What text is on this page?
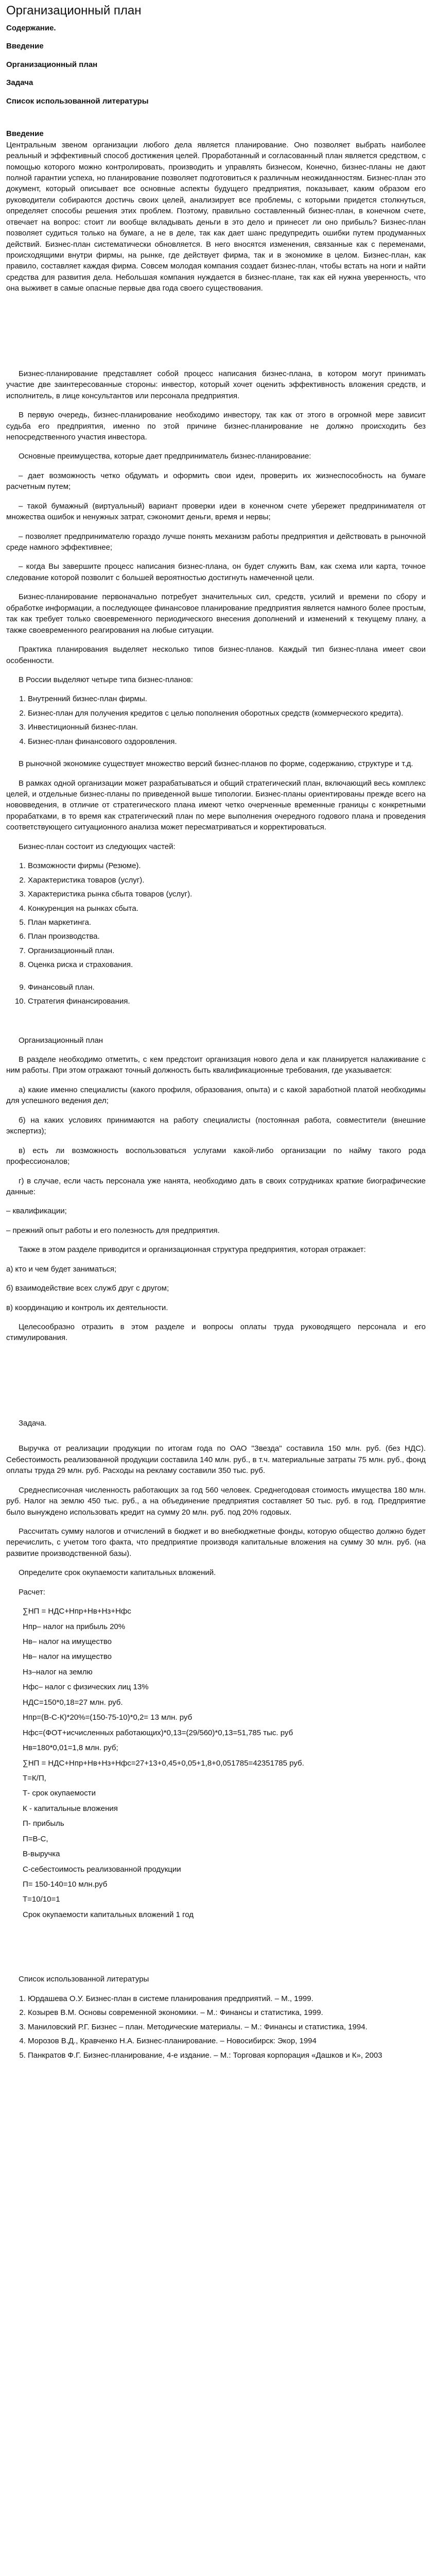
Организационный план

Содержание.

Введение

Организационный план

Задача

Список использованной литературы

Введение

Центральным звеном организации любого дела является планирование. Оно позволяет выбрать наиболее реальный и эффективный способ достижения целей. Проработанный и согласованный план является средством, с помощью которого можно контролировать, производить и управлять бизнесом, Конечно, бизнес-планы не дают полной гарантии успеха, но планирование позволяет подготовиться к различным неожиданностям. Бизнес-план это документ, который описывает все основные аспекты будущего предприятия, показывает, каким образом его руководители собираются достичь своих целей, анализирует все проблемы, с которыми придется столкнуться, определяет способы решения этих проблем. Поэтому, правильно составленный бизнес-план, в конечном счете, отвечает на вопрос: стоит ли вообще вкладывать деньги в это дело и принесет ли оно прибыль? Бизнес-план позволяет судиться только на бумаге, а не в деле, так как дает шанс предупредить ошибки путем продуманных действий. Бизнес-план систематически обновляется. В него вносятся изменения, связанные как с переменами, происходящими внутри фирмы, на рынке, где действует фирма, так и в экономике в целом. Бизнес-план, как правило, составляет каждая фирма. Совсем молодая компания создает бизнес-план, чтобы встать на ноги и найти средства для развития дела. Небольшая компания нуждается в бизнес-плане, так как ей нужна уверенность, что она выживет в самые опасные первые два года своего существования.

Бизнес-планирование представляет собой процесс написания бизнес-плана, в котором могут принимать участие две заинтересованные стороны: инвестор, который хочет оценить эффективность вложения средств, и исполнитель, в лице консультантов или персонала предприятия.

В первую очередь, бизнес-планирование необходимо инвестору, так как от этого в огромной мере зависит судьба его предприятия, именно по этой причине бизнес-планирование не должно происходить без непосредственного участия инвестора.

Основные преимущества, которые дает предприниматель бизнес-планирование:

– дает возможность четко обдумать и оформить свои идеи, проверить их жизнеспособность на бумаге расчетным путем;

– такой бумажный (виртуальный) вариант проверки идеи в конечном счете убережет предпринимателя от множества ошибок и ненужных затрат, сэкономит деньги, время и нервы;

– позволяет предпринимателю гораздо лучше понять механизм работы предприятия и действовать в рыночной среде намного эффективнее;

– когда Вы завершите процесс написания бизнес-плана, он будет служить Вам, как схема или карта, точное следование которой позволит с большей вероятностью достигнуть намеченной цели.

Бизнес-планирование первоначально потребует значительных сил, средств, усилий и времени по сбору и обработке информации, а последующее финансовое планирование предприятия является намного более простым, так как требует только своевременного периодического внесения дополнений и изменений к текущему плану, а также своевременного реагирования на любые ситуации.

Практика планирования выделяет несколько типов бизнес-планов. Каждый тип бизнес-плана имеет свои особенности.

В России выделяют четыре типа бизнес-планов:

1. Внутренний бизнес-план фирмы.
2. Бизнес-план для получения кредитов с целью пополнения оборотных средств (коммерческого кредита).
3. Инвестиционный бизнес-план.
4. Бизнес-план финансового оздоровления.

В рыночной экономике существует множество версий бизнес-планов по форме, содержанию, структуре и т.д.

В рамках одной организации может разрабатываться и общий стратегический план, включающий весь комплекс целей, и отдельные бизнес-планы по приведенной выше типологии. Бизнес-планы ориентированы прежде всего на нововведения, в отличие от стратегического плана имеют четко очерченные временные границы с конкретными прорабатками, в то время как стратегический план по мере выполнения очередного годового плана и проведения соответствующего ситуационного анализа может пересматриваться и корректироваться.

Бизнес-план состоит из следующих частей:

1. Возможности фирмы (Резюме).
2. Характеристика товаров (услуг).
3. Характеристика рынка сбыта товаров (услуг).
4. Конкуренция на рынках сбыта.
5. План маркетинга.
6. План производства.
7. Организационный план.
8. Оценка риска и страхования.
9. Финансовый план.
10. Стратегия финансирования.

Организационный план

В разделе необходимо отметить, с кем предстоит организация нового дела и как планируется налаживание с ним работы. При этом отражают точный должность быть квалификационные требования, где указывается:

а) какие именно специалисты (какого профиля, образования, опыта) и с какой заработной платой необходимы для успешного ведения дел;

б) на каких условиях принимаются на работу специалисты (постоянная работа, совместители (внешние экспертиз);

в) есть ли возможность воспользоваться услугами какой-либо организации по найму такого рода профессионалов;

г) в случае, если часть персонала уже нанята, необходимо дать в своих сотрудниках краткие биографические данные:

– квалификации;

– прежний опыт работы и его полезность для предприятия.

Также в этом разделе приводится и организационная структура предприятия, которая отражает:

а) кто и чем будет заниматься;

б) взаимодействие всех служб друг с другом;

в) координацию и контроль их деятельности.

Целесообразно отразить в этом разделе и вопросы оплаты труда руководящего персонала и его стимулирования.

Задача.

Выручка от реализации продукции по итогам года по ОАО "Звезда" составила 150 млн. руб. (без НДС). Себестоимость реализованной продукции составила 140 млн. руб., в т.ч. материальные затраты 75 млн. руб., фонд оплаты труда 29 млн. руб. Расходы на рекламу составили 350 тыс. руб.

Среднесписочная численность работающих за год 560 человек. Среднегодовая стоимость имущества 180 млн. руб. Налог на землю 450 тыс. руб., а на объединение предприятия составляет 50 тыс. руб. в год. Предприятие было вынуждено использовать кредит на сумму 20 млн. руб. под 20% годовых.

Рассчитать сумму налогов и отчислений в бюджет и во внебюджетные фонды, которую общество должно будет перечислить, с учетом того факта, что предприятие производя капитальные вложения на сумму 30 млн. руб. (на развитие производственной базы).

Определите срок окупаемости капитальных вложений.

Расчет:

∑НП = НДС+Нпр+Нв+Нз+Нфс
Нпр– налог на прибыль 20%
Нв– налог на имущество
Нв– налог на имущество
Нз–налог на землю
Нфс– налог с физических лиц 13%
НДС=150*0,18=27 млн. руб.
Нпр=(В-С-К)*20%=(150-75-10)*0,2= 13 млн. руб
Нфс=(ФОТ+исчисленных работающих)*0,13=(29/560)*0,13=51,785 тыс. руб
Нв=180*0,01=1,8 млн. руб;
∑НП = НДС+Нпр+Нв+Нз+Нфс=27+13+0,45+0,05+1,8+0,051785=42351785 руб.
Т=К/П,
Т- срок окупаемости
К - капитальные вложения
П- прибыль
П=В-С,
В-выручка
С-себестоимость реализованной продукции
П= 150-140=10 млн.руб
Т=10/10=1
Срок окупаемости капитальных вложений 1 год

Список использованной литературы

1. Юрдашева О.У. Бизнес-план в системе планирования предприятий. – М., 1999.
2. Козырев В.М. Основы современной экономики. – М.: Финансы и статистика, 1999.
3. Маниловский Р.Г. Бизнес – план. Методические материалы. – М.: Финансы и статистика, 1994.
4. Морозов В.Д., Кравченко Н.А. Бизнес-планирование. – Новосибирск: Экор, 1994
5. Панкратов Ф.Г. Бизнес-планирование, 4-е издание. – М.: Торговая корпорация «Дашков и К», 2003
